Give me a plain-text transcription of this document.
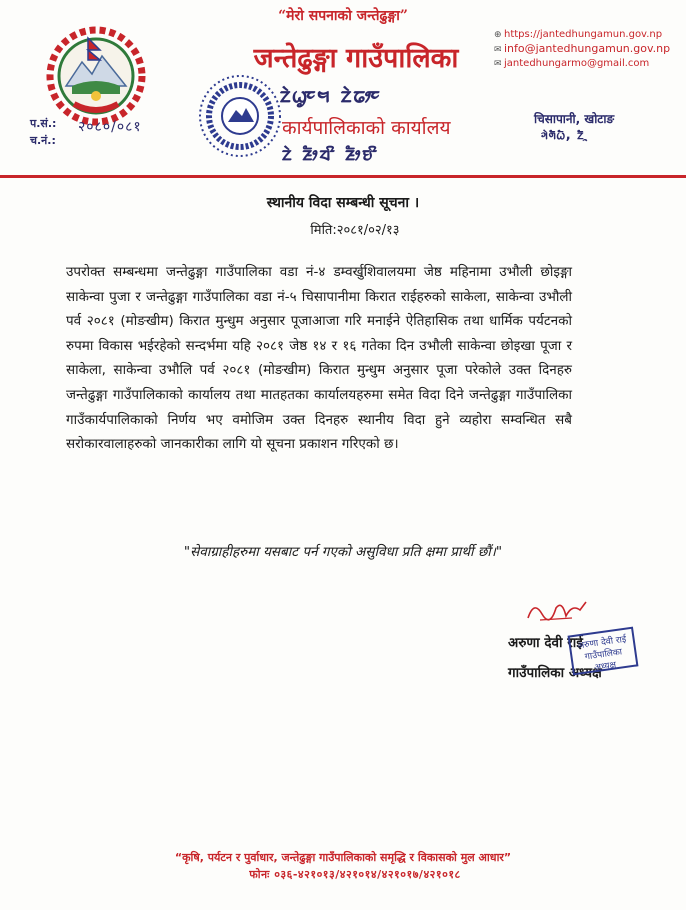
“मेरो सपनाको जन्तेढुङ्गा”
जन्तेढुङ्गा गाउँपालिका
ᤁᤧᤐᤢᤰᤗ ᤁᤧᤒᤣᤰ
कार्यपालिकाको कार्यालय
ᤁᤧ ᤏᤥᤔᤡ ᤏᤥᤎᤡ
⊕ https://jantedhungamun.gov.np
✉ info@jantedhungamun.gov.np
✉ jantedhungarmo@gmail.com
प.सं.:
च.नं.:
२०८०/०८१	चिसापानी, खोटाङ
ᤆᤧᤛᤠᤐᤠ, ᤁᤠᤳ
स्थानीय विदा सम्बन्धी सूचना ।
मिति:२०८१/०२/१३
उपरोक्त सम्बन्धमा जन्तेढुङ्गा गाउँपालिका वडा नं-४ डम्वर्खुशिवालयमा जेष्ठ महिनामा उभौली छोइङ्गा साकेन्वा पुजा र जन्तेढुङ्गा गाउँपालिका वडा नं-५ चिसापानीमा किरात राईहरुको साकेला, साकेन्वा उभौली पर्व २०८१ (मोङखीम) किरात मुन्धुम अनुसार पूजाआजा गरि मनाईने ऐतिहासिक तथा धार्मिक पर्यटनको रुपमा विकास भईरहेको सन्दर्भमा यहि २०८१ जेष्ठ १४ र १६ गतेका दिन उभौली साकेन्वा छोइखा पूजा र साकेला, साकेन्वा उभौलि पर्व २०८१ (मोङखीम) किरात मुन्धुम अनुसार पूजा परेकोले उक्त दिनहरु जन्तेढुङ्गा गाउँपालिकाको कार्यालय तथा मातहतका कार्यालयहरुमा समेत विदा दिने जन्तेढुङ्गा गाउँपालिका गाउँकार्यपालिकाको निर्णय भए वमोजिम उक्त दिनहरु स्थानीय विदा हुने व्यहोरा सम्वन्धित सबै सरोकारवालाहरुको जानकारीका लागि यो सूचना प्रकाशन गरिएको छ।
"सेवाग्राहीहरुमा यसबाट पर्न गएको असुविधा प्रति क्षमा प्रार्थी छौं।"
अरुणा देवी राई
गाउँपालिका अध्यक्ष
अरुणा देवी राई
गाउँपालिका अध्यक्ष
“कृषि, पर्यटन र पुर्वाधार, जन्तेढुङ्गा गाउँपालिकाको समृद्धि र विकासको मुल आधार”
फोनः ०३६-४२१०१३/४२१०१४/४२१०१७/४२१०१८
